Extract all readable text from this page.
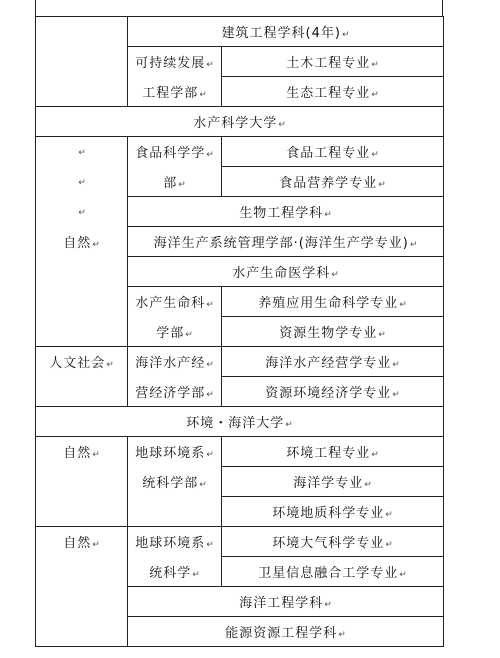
	建筑工程学科(4年)↵	
	可持续发展↵	土木工程专业↵
	工程学部↵	生态工程专业↵
水产科学大学↵		
↵	食品科学学↵	食品工程专业↵
↵	部↵	食品营养学专业↵
↵	生物工程学科↵	
自然↵	海洋生产系统管理学部·(海洋生产学专业)↵	
	水产生命医学科↵	
	水产生命科↵	养殖应用生命科学专业↵
	学部↵	资源生物学专业↵
人文社会↵	海洋水产经↵	海洋水产经营学专业↵
	营经济学部↵	资源环境经济学专业↵
环境・海洋大学↵		
自然↵	地球环境系↵	环境工程专业↵
	统科学部↵	海洋学专业↵
		环境地质科学专业↵
自然↵	地球环境系↵	环境大气科学专业↵
	统科学↵	卫星信息融合工学专业↵
	海洋工程学科↵	
	能源资源工程学科↵	
